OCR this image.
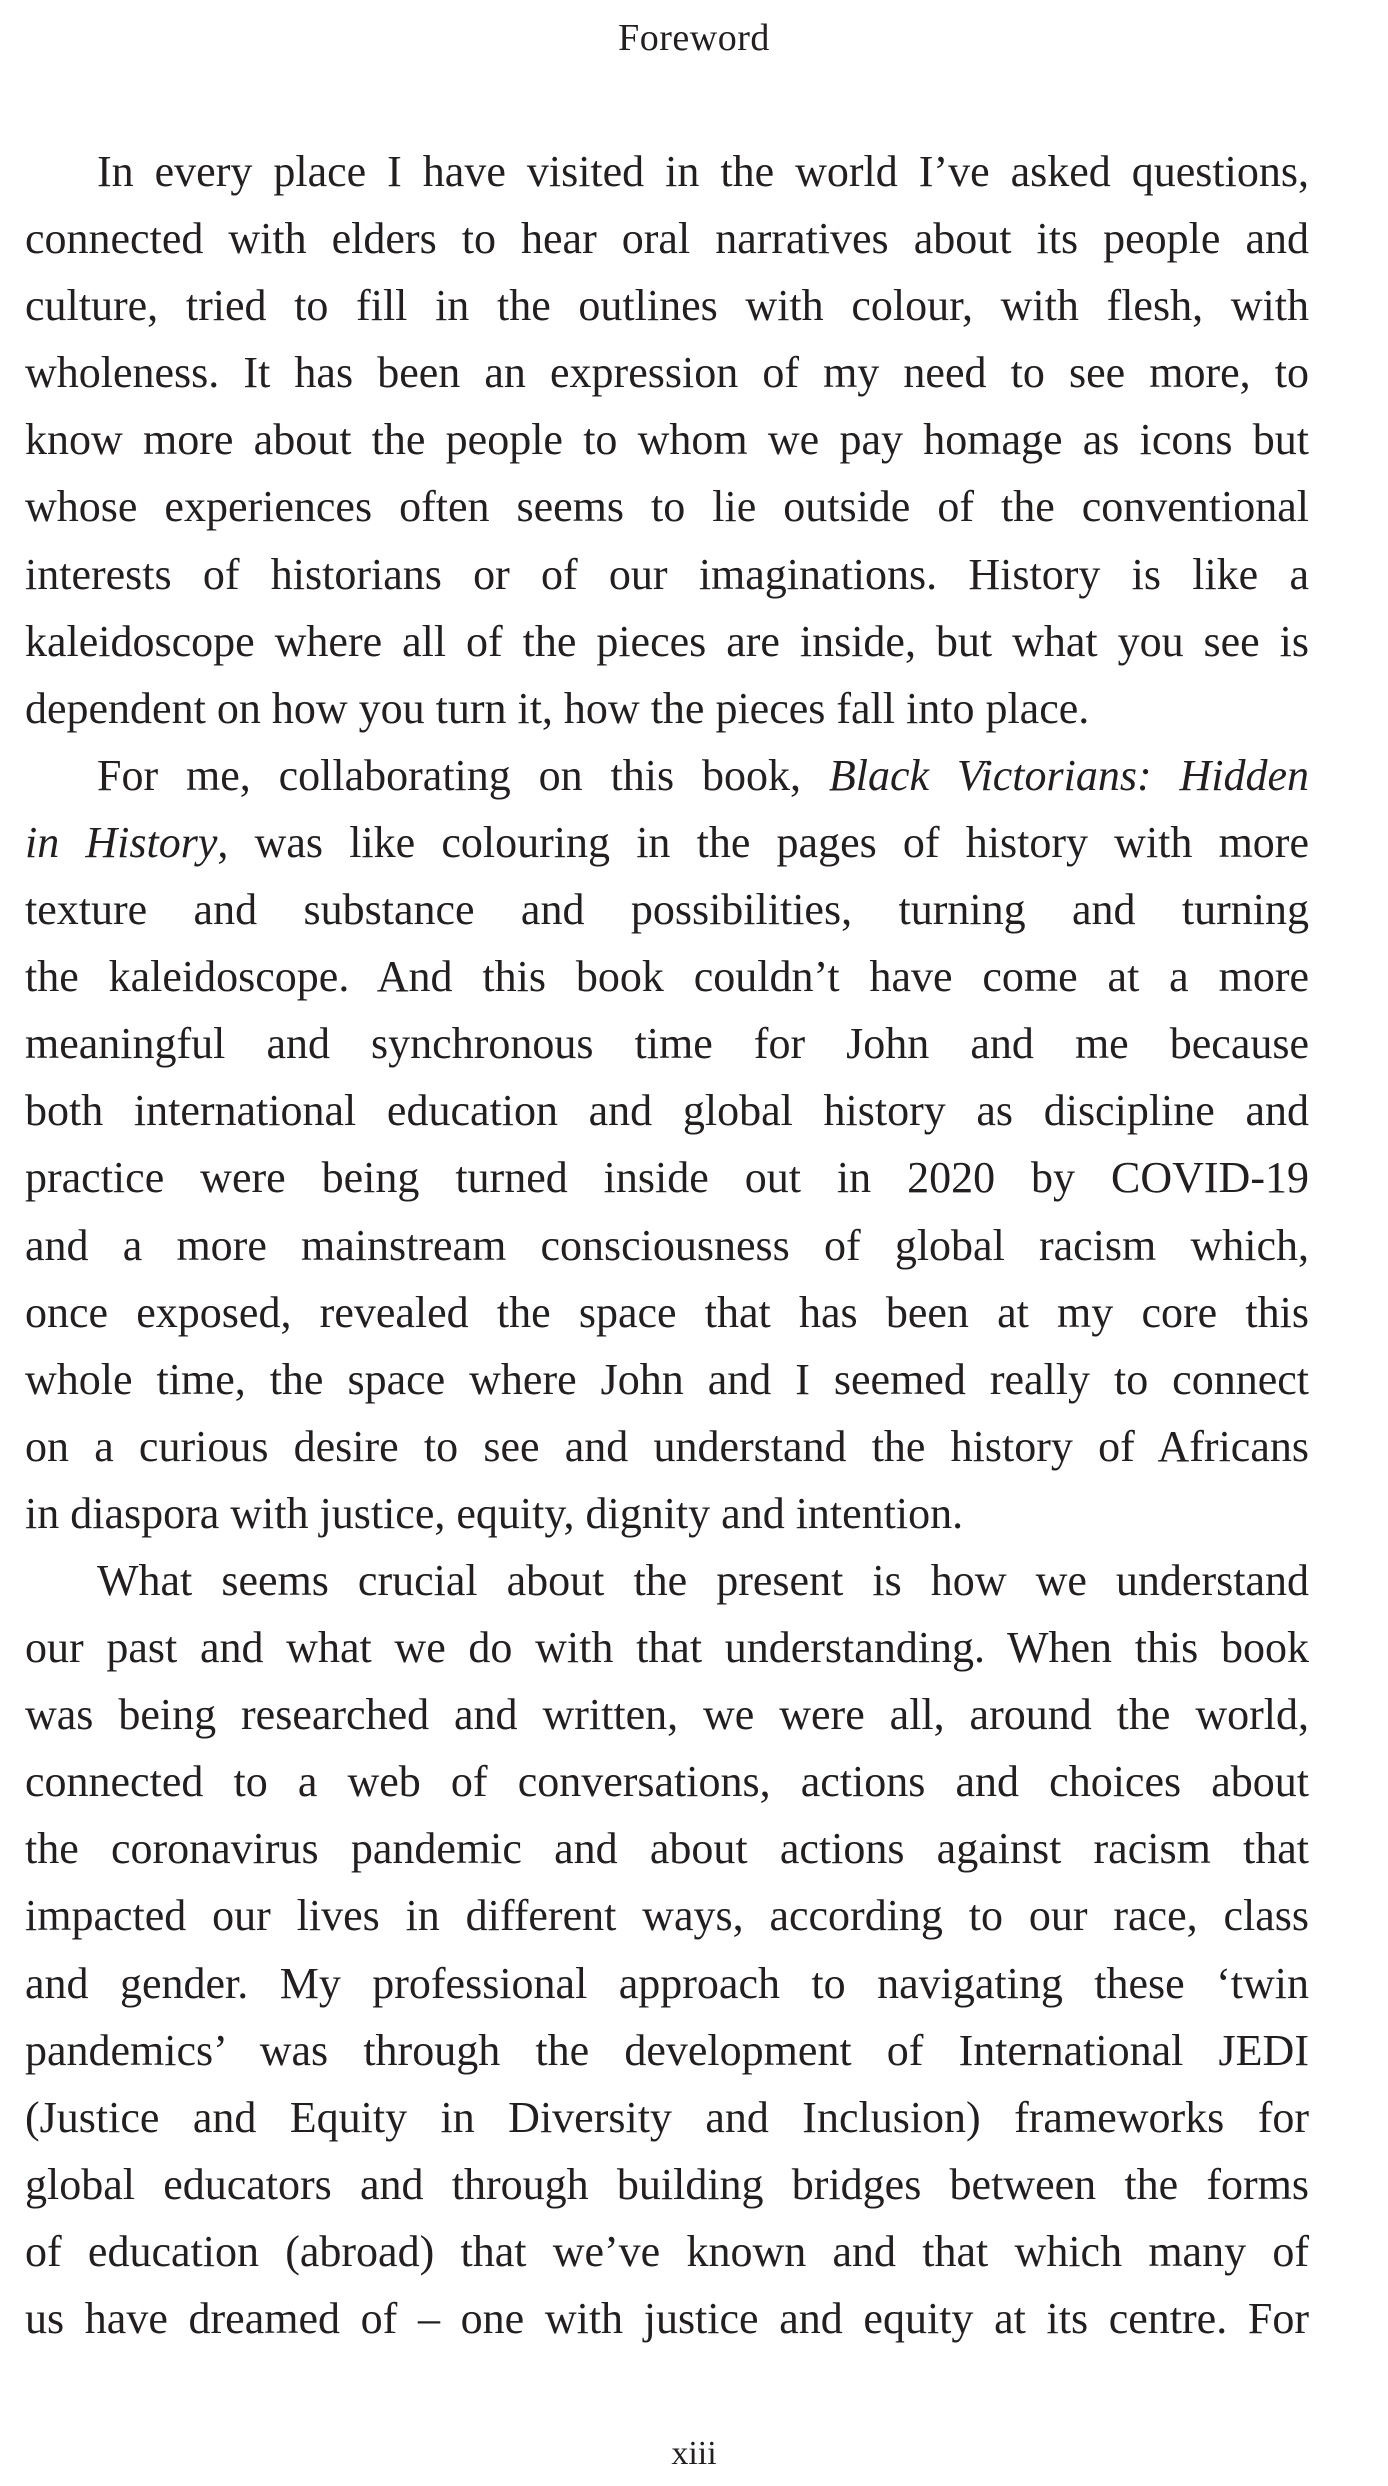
Foreword
In every place I have visited in the world I’ve asked questions,
connected with elders to hear oral narratives about its people and
culture, tried to fill in the outlines with colour, with flesh, with
wholeness. It has been an expression of my need to see more, to
know more about the people to whom we pay homage as icons but
whose experiences often seems to lie outside of the conventional
interests of historians or of our imaginations. History is like a
kaleidoscope where all of the pieces are inside, but what you see is
dependent on how you turn it, how the pieces fall into place.
For me, collaborating on this book, Black Victorians: Hidden
in History, was like colouring in the pages of history with more
texture and substance and possibilities, turning and turning
the kaleidoscope. And this book couldn’t have come at a more
meaningful and synchronous time for John and me because
both international education and global history as discipline and
practice were being turned inside out in 2020 by COVID-19
and a more mainstream consciousness of global racism which,
once exposed, revealed the space that has been at my core this
whole time, the space where John and I seemed really to connect
on a curious desire to see and understand the history of Africans
in diaspora with justice, equity, dignity and intention.
What seems crucial about the present is how we understand
our past and what we do with that understanding. When this book
was being researched and written, we were all, around the world,
connected to a web of conversations, actions and choices about
the coronavirus pandemic and about actions against racism that
impacted our lives in different ways, according to our race, class
and gender. My professional approach to navigating these ‘twin
pandemics’ was through the development of International JEDI
(Justice and Equity in Diversity and Inclusion) frameworks for
global educators and through building bridges between the forms
of education (abroad) that we’ve known and that which many of
us have dreamed of – one with justice and equity at its centre. For
xiii
